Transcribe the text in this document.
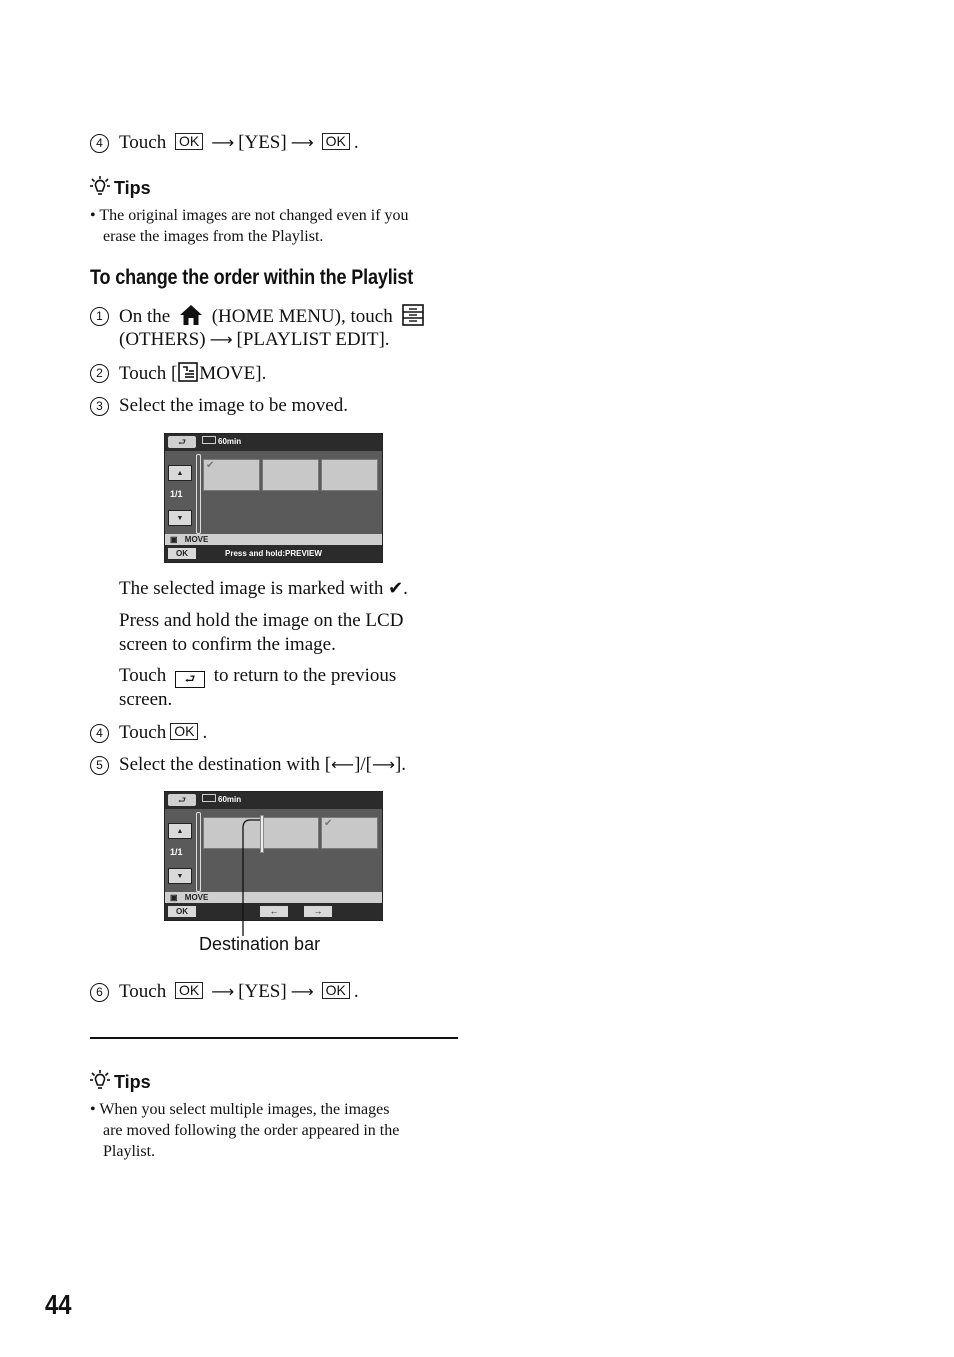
4 Touch OK ⟶ [YES] ⟶ OK .
Tips
• The original images are not changed even if you
erase the images from the Playlist.
To change the order within the Playlist
1 On the (HOME MENU), touch
(OTHERS) ⟶ [PLAYLIST EDIT].
2 Touch [ MOVE].
3 Select the image to be moved.
⮐	60min
▲
1/1
▼
✔
▣ MOVE
OK	Press and hold:PREVIEW
The selected image is marked with ✔.
Press and hold the image on the LCD
screen to confirm the image.
Touch ⮐ to return to the previous
screen.
4 Touch OK .
5 Select the destination with [⟵]/[⟶].
⮐	60min
▲
1/1
▼
✔
▣ MOVE
OK	←	→
Destination bar
6 Touch OK ⟶ [YES] ⟶ OK .
Tips
• When you select multiple images, the images
are moved following the order appeared in the
Playlist.
44
